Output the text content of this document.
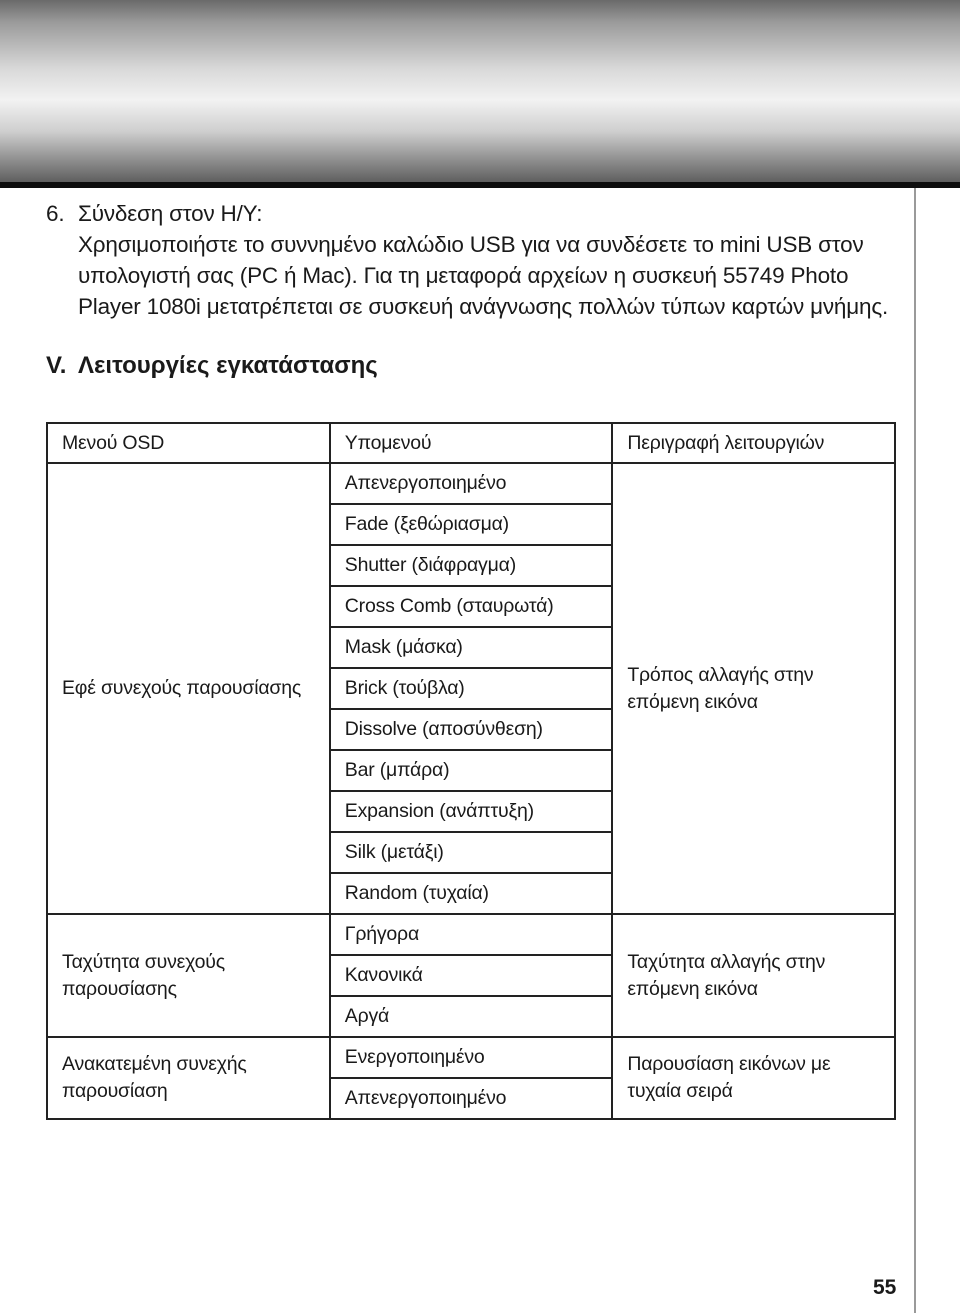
6. Σύνδεση στον Η/Υ:
Χρησιμοποιήστε το συννημένο καλώδιο USB για να συνδέσετε το mini USB στον υπολογιστή σας (PC ή Mac). Για τη μεταφορά αρχείων η συσκευή 55749 Photo Player 1080i μετατρέπεται σε συσκευή ανάγνωσης πολλών τύπων καρτών μνήμης.
V. Λειτουργίες εγκατάστασης
Μενού OSD	Υπομενού	Περιγραφή λειτουργιών
Εφέ συνεχούς παρουσίασης	Απενεργοποιημένο	Τρόπος αλλαγής στην επόμενη εικόνα
	Fade (ξεθώριασμα)	
	Shutter (διάφραγμα)	
	Cross Comb (σταυρωτά)	
	Mask (μάσκα)	
	Brick (τούβλα)	
	Dissolve (αποσύνθεση)	
	Bar (μπάρα)	
	Expansion (ανάπτυξη)	
	Silk (μετάξι)	
	Random (τυχαία)	
Ταχύτητα συνεχούς παρουσίασης	Γρήγορα	Ταχύτητα αλλαγής στην επόμενη εικόνα
	Κανονικά	
	Αργά	
Ανακατεμένη συνεχής παρουσίαση	Ενεργοποιημένο	Παρουσίαση εικόνων με τυχαία σειρά
	Απενεργοποιημένο	
55
